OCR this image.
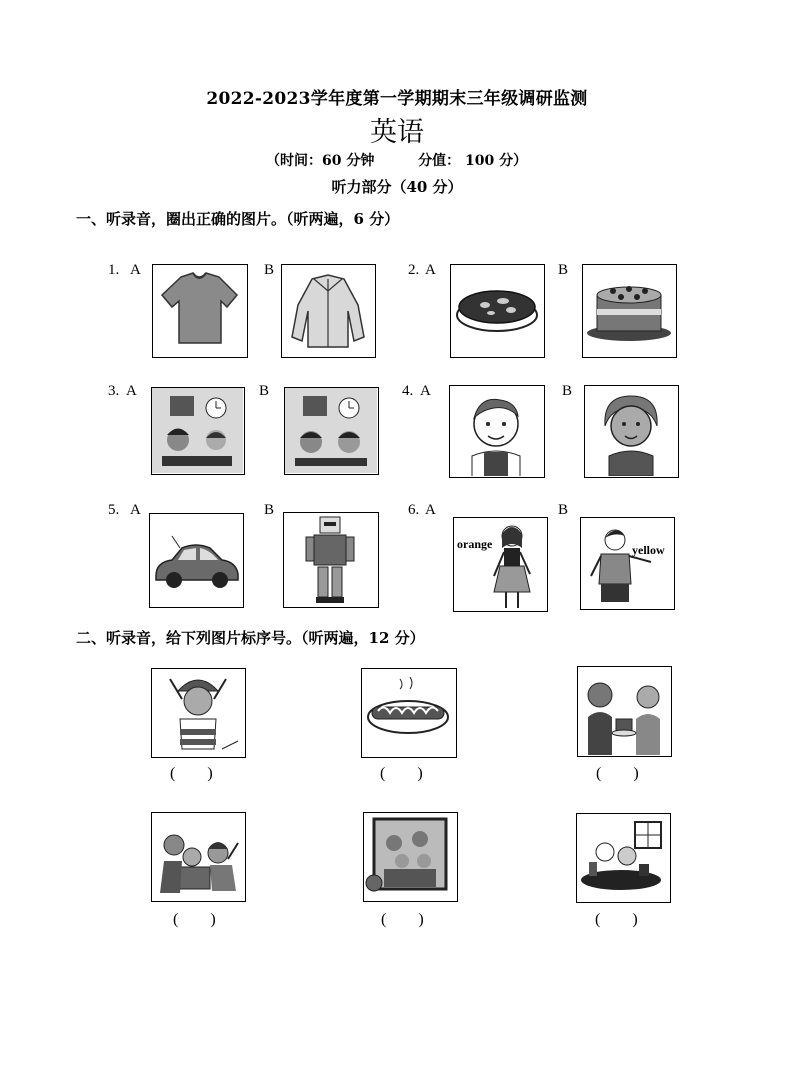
2022-2023学年度第一学期期末三年级调研监测
英语
（时间：60 分钟	分值： 100 分）
听力部分（40 分）
一、听录音，圈出正确的图片。（听两遍，6 分）
1. A	B	2. A	B
3. A	B	4. A	B
5. A	B	6. A	B
orange	yellow
二、听录音，给下列图片标序号。（听两遍，12 分）
(        )	(        )	(        )
(        )	(        )	(        )
